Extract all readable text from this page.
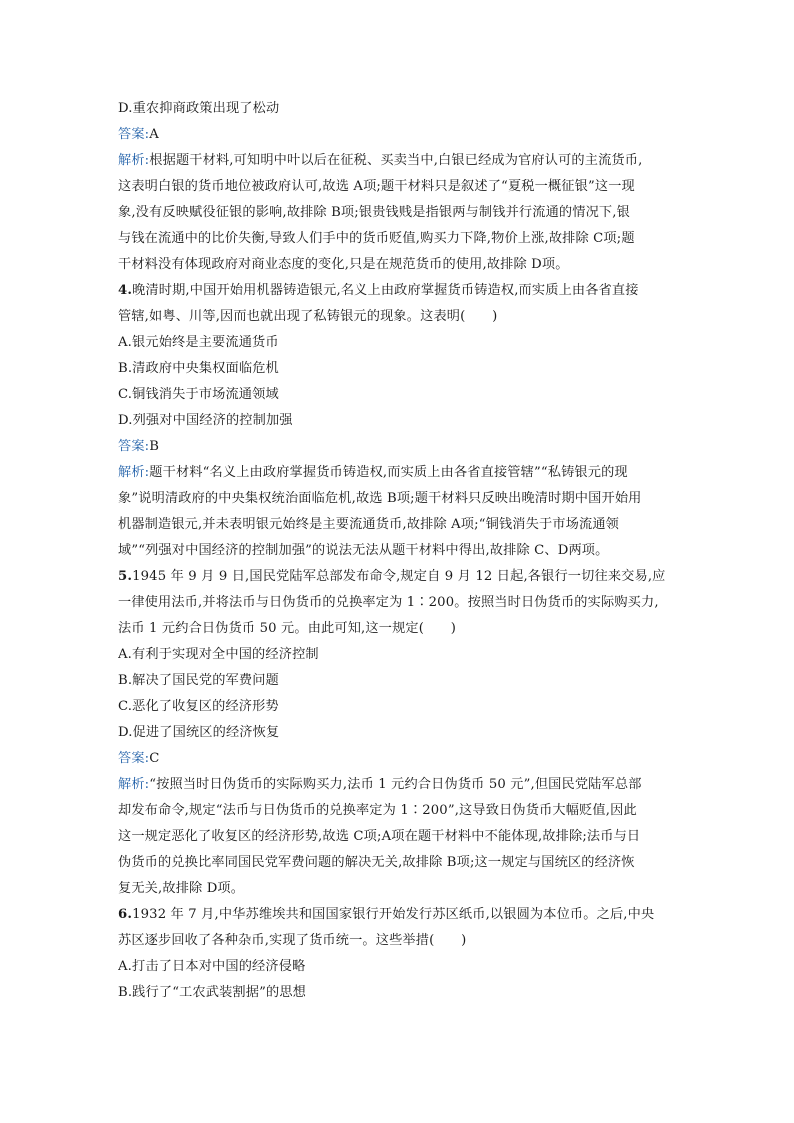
D.重农抑商政策出现了松动
答案:A
解析:根据题干材料,可知明中叶以后在征税、买卖当中,白银已经成为官府认可的主流货币,
这表明白银的货币地位被政府认可,故选 A项;题干材料只是叙述了“夏税一概征银”这一现
象,没有反映赋役征银的影响,故排除 B项;银贵钱贱是指银两与制钱并行流通的情况下,银
与钱在流通中的比价失衡,导致人们手中的货币贬值,购买力下降,物价上涨,故排除 C项;题
干材料没有体现政府对商业态度的变化,只是在规范货币的使用,故排除 D项。
4.晚清时期,中国开始用机器铸造银元,名义上由政府掌握货币铸造权,而实质上由各省直接
管辖,如粤、川等,因而也就出现了私铸银元的现象。这表明(　　)
A.银元始终是主要流通货币
B.清政府中央集权面临危机
C.铜钱消失于市场流通领域
D.列强对中国经济的控制加强
答案:B
解析:题干材料“名义上由政府掌握货币铸造权,而实质上由各省直接管辖”“私铸银元的现
象”说明清政府的中央集权统治面临危机,故选 B项;题干材料只反映出晚清时期中国开始用
机器制造银元,并未表明银元始终是主要流通货币,故排除 A项;“铜钱消失于市场流通领
域”“列强对中国经济的控制加强”的说法无法从题干材料中得出,故排除 C、D两项。
5.1945 年 9 月 9 日,国民党陆军总部发布命令,规定自 9 月 12 日起,各银行一切往来交易,应
一律使用法币,并将法币与日伪货币的兑换率定为 1∶200。按照当时日伪货币的实际购买力,
法币 1 元约合日伪货币 50 元。由此可知,这一规定(　　)
A.有利于实现对全中国的经济控制
B.解决了国民党的军费问题
C.恶化了收复区的经济形势
D.促进了国统区的经济恢复
答案:C
解析:“按照当时日伪货币的实际购买力,法币 1 元约合日伪货币 50 元”,但国民党陆军总部
却发布命令,规定“法币与日伪货币的兑换率定为 1∶200”,这导致日伪货币大幅贬值,因此
这一规定恶化了收复区的经济形势,故选 C项;A项在题干材料中不能体现,故排除;法币与日
伪货币的兑换比率同国民党军费问题的解决无关,故排除 B项;这一规定与国统区的经济恢
复无关,故排除 D项。
6.1932 年 7 月,中华苏维埃共和国国家银行开始发行苏区纸币,以银圆为本位币。之后,中央
苏区逐步回收了各种杂币,实现了货币统一。这些举措(　　)
A.打击了日本对中国的经济侵略
B.践行了“工农武装割据”的思想
